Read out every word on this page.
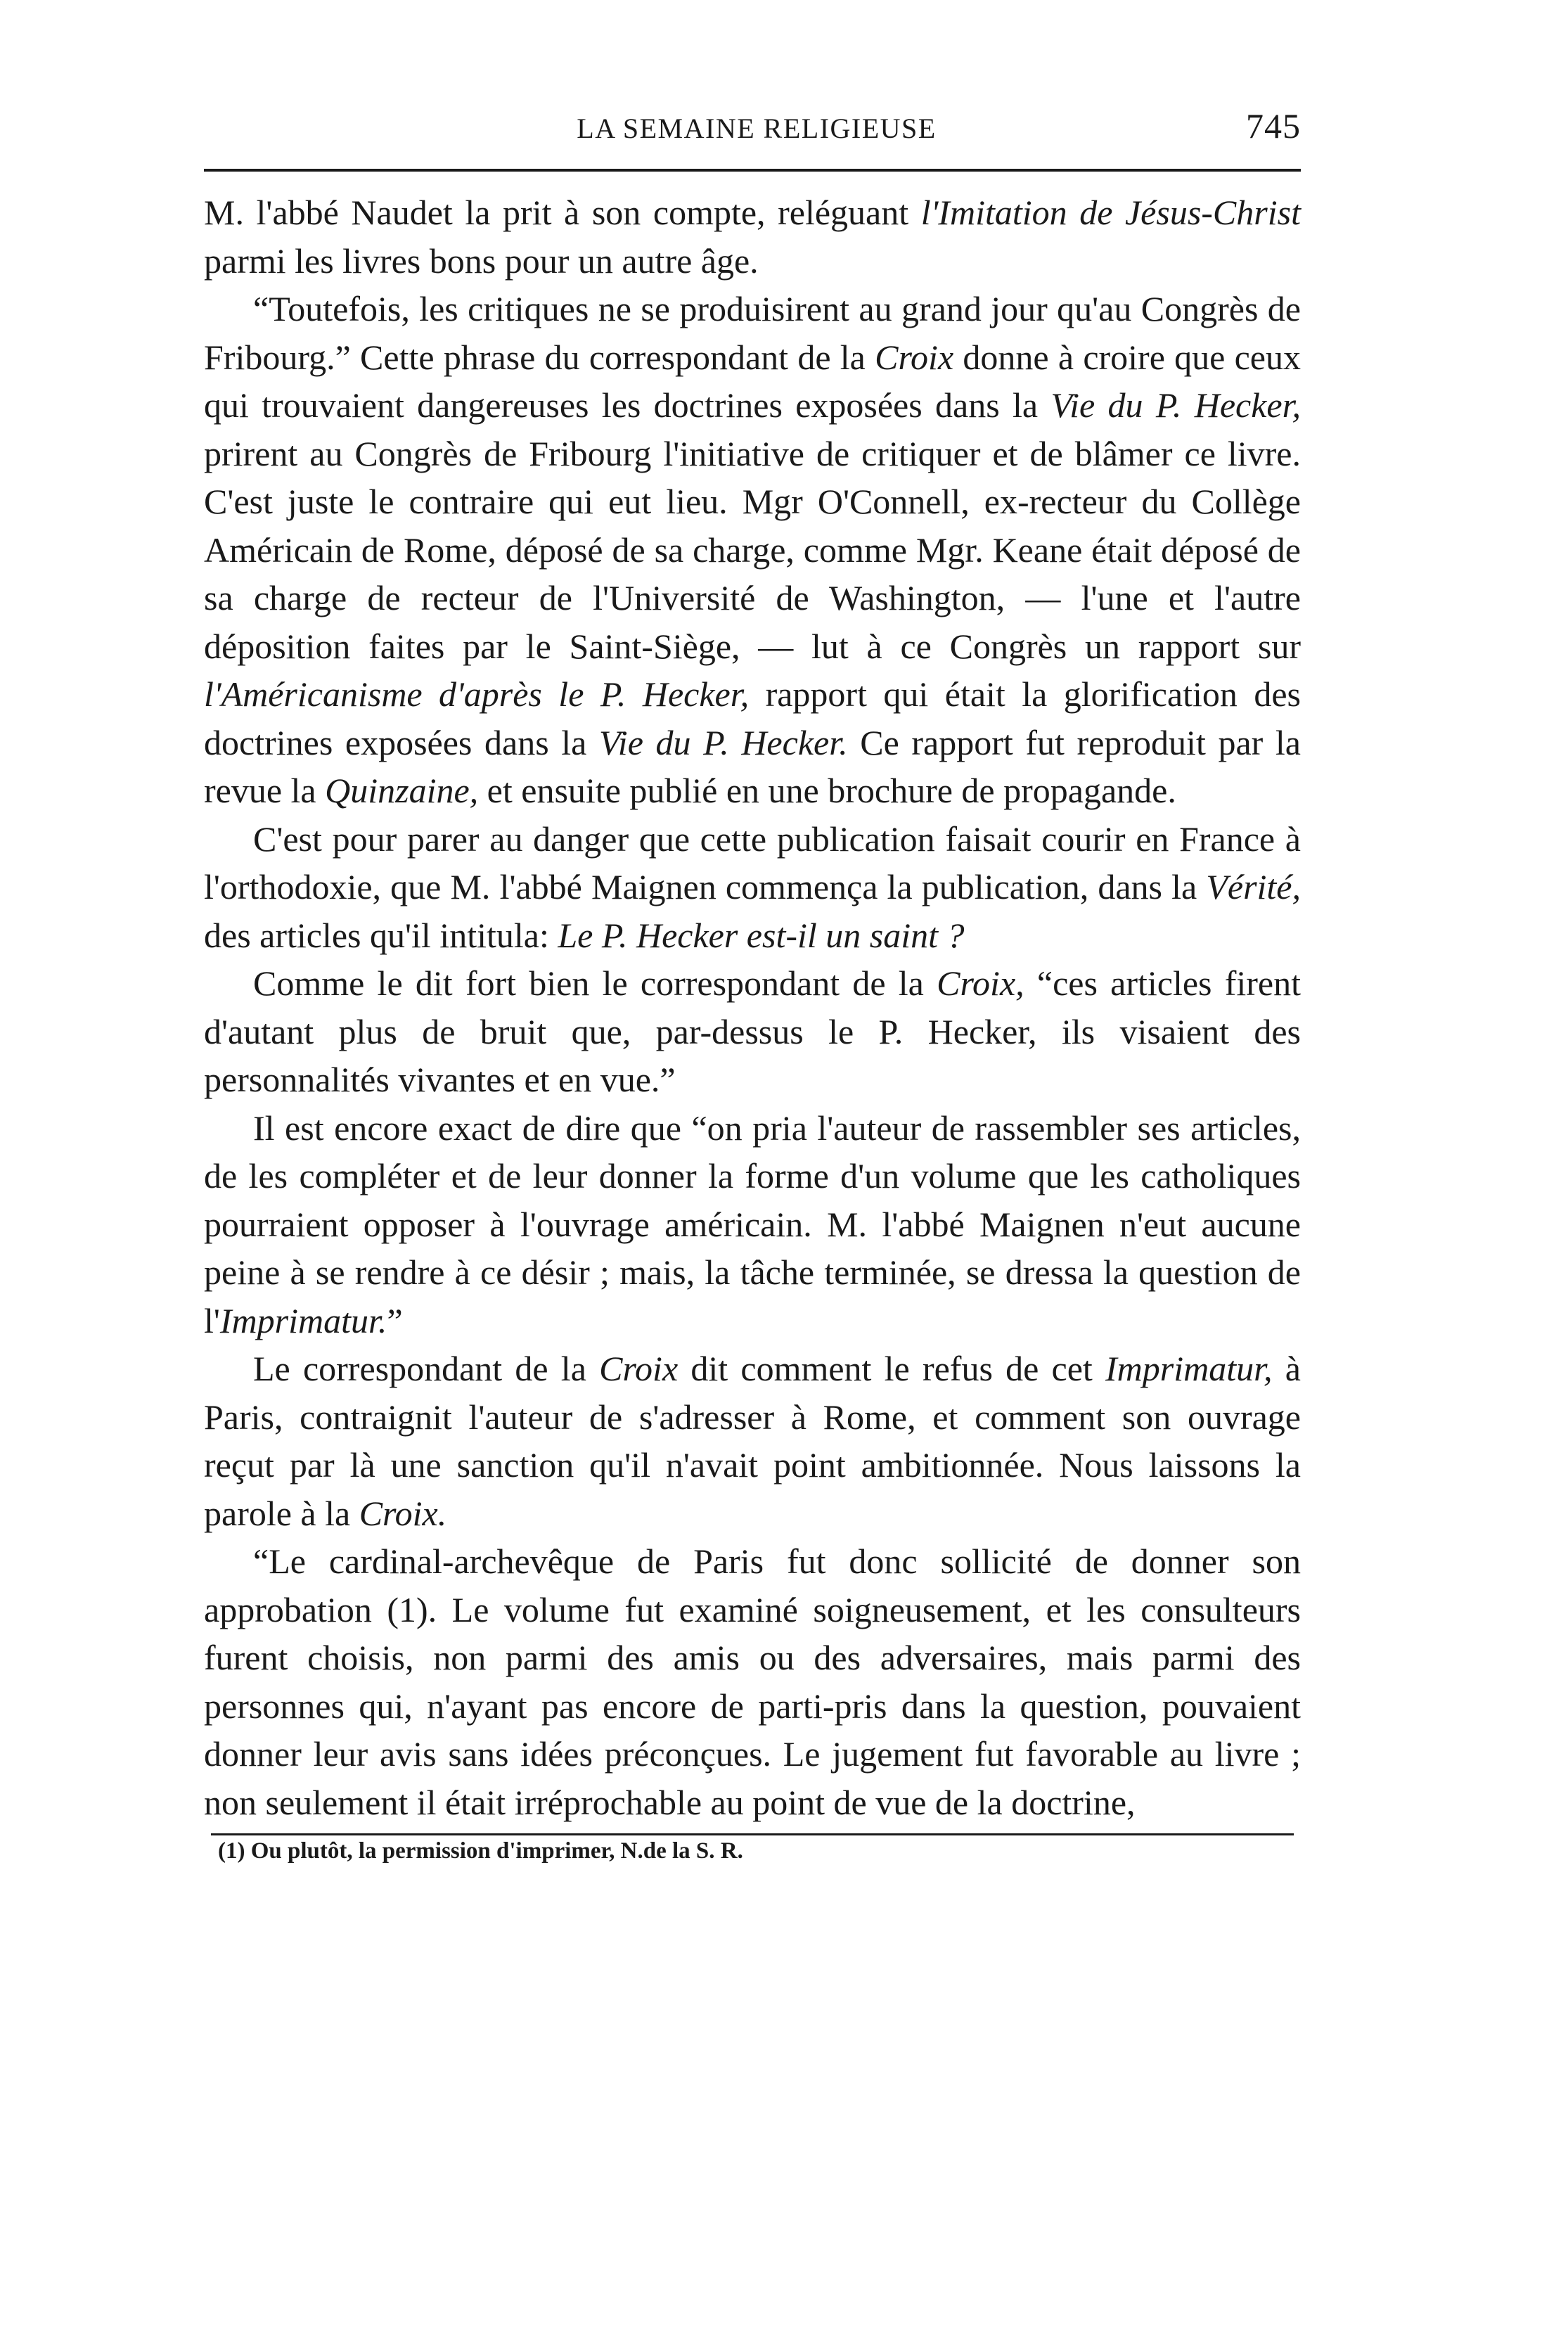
LA SEMAINE RELIGIEUSE	745

M. l'abbé Naudet la prit à son compte, reléguant l'Imitation de Jésus-Christ parmi les livres bons pour un autre âge.

“Toutefois, les critiques ne se produisirent au grand jour qu'au Congrès de Fribourg.” Cette phrase du correspondant de la Croix donne à croire que ceux qui trouvaient dangereuses les doctrines exposées dans la Vie du P. Hecker, prirent au Congrès de Fribourg l'initiative de critiquer et de blâmer ce livre. C'est juste le contraire qui eut lieu. Mgr O'Connell, ex-recteur du Collège Américain de Rome, déposé de sa charge, comme Mgr. Keane était déposé de sa charge de recteur de l'Université de Washington, — l'une et l'autre déposition faites par le Saint-Siège, — lut à ce Congrès un rapport sur l'Américanisme d'après le P. Hecker, rapport qui était la glorification des doctrines exposées dans la Vie du P. Hecker. Ce rapport fut reproduit par la revue la Quinzaine, et ensuite publié en une brochure de propagande.

C'est pour parer au danger que cette publication faisait courir en France à l'orthodoxie, que M. l'abbé Maignen commença la publication, dans la Vérité, des articles qu'il intitula: Le P. Hecker est-il un saint ?

Comme le dit fort bien le correspondant de la Croix, “ces articles firent d'autant plus de bruit que, par-dessus le P. Hecker, ils visaient des personnalités vivantes et en vue.”

Il est encore exact de dire que “on pria l'auteur de rassembler ses articles, de les compléter et de leur donner la forme d'un volume que les catholiques pourraient opposer à l'ouvrage américain. M. l'abbé Maignen n'eut aucune peine à se rendre à ce désir ; mais, la tâche terminée, se dressa la question de l'Imprimatur.”

Le correspondant de la Croix dit comment le refus de cet Imprimatur, à Paris, contraignit l'auteur de s'adresser à Rome, et comment son ouvrage reçut par là une sanction qu'il n'avait point ambitionnée. Nous laissons la parole à la Croix.

“Le cardinal-archevêque de Paris fut donc sollicité de donner son approbation (1). Le volume fut examiné soigneusement, et les consulteurs furent choisis, non parmi des amis ou des adversaires, mais parmi des personnes qui, n'ayant pas encore de parti-pris dans la question, pouvaient donner leur avis sans idées préconçues. Le jugement fut favorable au livre ; non seulement il était irréprochable au point de vue de la doctrine,

(1) Ou plutôt, la permission d'imprimer, N.de la S. R.
